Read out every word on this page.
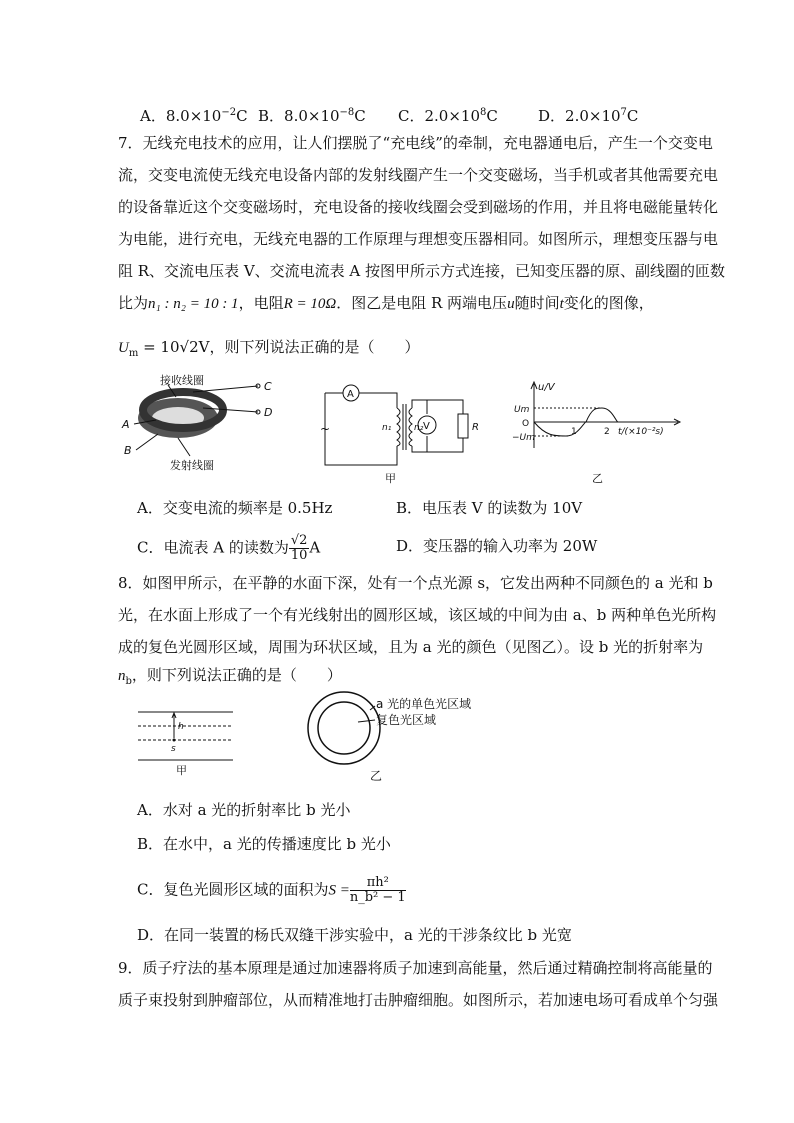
A．$8.0\times 10^{-2}C$ B．$8.0\times 10^{-8}C$ C．$2.0\times 10^8C$	D．$2.0\times 10^7C$
7．无线充电技术的应用，让人们摆脱了“充电线”的牵制，充电器通电后，产生一个交变电
流，交变电流使无线充电设备内部的发射线圈产生一个交变磁场，当手机或者其他需要充电
的设备靠近这个交变磁场时，充电设备的接收线圈会受到磁场的作用，并且将电磁能量转化
为电能，进行充电，无线充电器的工作原理与理想变压器相同。如图所示，理想变压器与电
阻 R、交流电压表 V、交流电流表 A 按图甲所示方式连接，已知变压器的原、副线圈的匝数
比为n₁ : n₂ = 10 : 1，电阻R = 10Ω．图乙是电阻 R 两端电压u随时间t变化的图像，
$U_m = 10√2V$，则下列说法正确的是（　　）
接收线圈
发射线圈
C
D
A
B
A
~	V
n₁	n₂	R
甲
u/V
Um
O
−Um
1	2 t/(×10⁻²s)
乙
A．交变电流的频率是 0.5Hz	B．电压表 V 的读数为 10V
C．电流表 A 的读数为 $\frac{√2}{10}$ A	D．变压器的输入功率为 20W
8．如图甲所示，在平静的水面下深，处有一个点光源 s，它发出两种不同颜色的 a 光和 b
光，在水面上形成了一个有光线射出的圆形区域，该区域的中间为由 a、b 两种单色光所构
成的复色光圆形区域，周围为环状区域，且为 a 光的颜色（见图乙）。设 b 光的折射率为
$n_b$，则下列说法正确的是（　　）
h
s
甲
a 光的单色光区域
复色光区域
乙
A．水对 a 光的折射率比 b 光小
B．在水中，a 光的传播速度比 b 光小
C．复色光圆形区域的面积为$S = \frac{\text{πh²}}{\text{n\_b² − 1}}$
D．在同一装置的杨氏双缝干涉实验中，a 光的干涉条纹比 b 光宽
9．质子疗法的基本原理是通过加速器将质子加速到高能量，然后通过精确控制将高能量的
质子束投射到肿瘤部位，从而精准地打击肿瘤细胞。如图所示，若加速电场可看成单个匀强
